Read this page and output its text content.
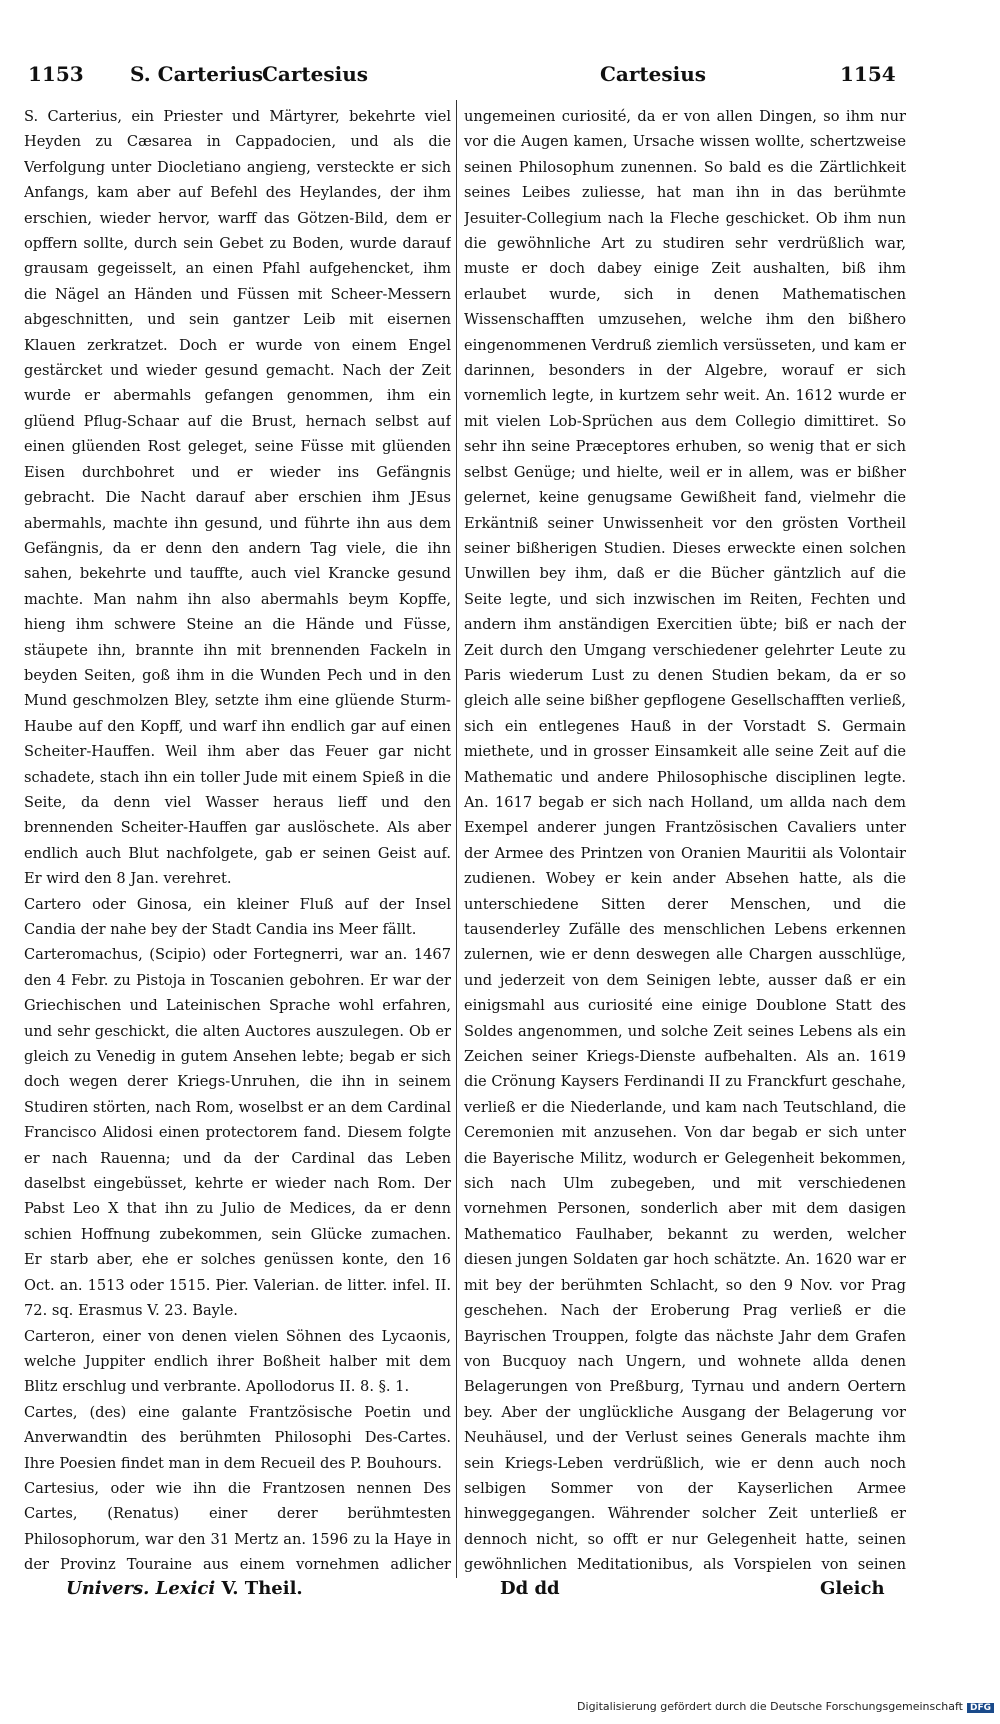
1153 S. Carterius Cartesius	Cartesius	1154

S. Carterius, ein Priester und Märtyrer, bekehrte viel Heyden zu Cæsarea in Cappadocien, und als die Verfolgung unter Diocletiano angieng, versteckte er sich Anfangs, kam aber auf Befehl des Heylandes, der ihm erschien, wieder hervor, warff das Götzen-Bild, dem er opffern sollte, durch sein Gebet zu Boden, wurde darauf grausam gegeisselt, an einen Pfahl aufgehencket, ihm die Nägel an Händen und Füssen mit Scheer-Messern abgeschnitten, und sein gantzer Leib mit eisernen Klauen zerkratzet. Doch er wurde von einem Engel gestärcket und wieder gesund gemacht. Nach der Zeit wurde er abermahls gefangen genommen, ihm ein glüend Pflug-Schaar auf die Brust, hernach selbst auf einen glüenden Rost geleget, seine Füsse mit glüenden Eisen durchbohret und er wieder ins Gefängnis gebracht. Die Nacht darauf aber erschien ihm JEsus abermahls, machte ihn gesund, und führte ihn aus dem Gefängnis, da er denn den andern Tag viele, die ihn sahen, bekehrte und tauffte, auch viel Krancke gesund machte. Man nahm ihn also abermahls beym Kopffe, hieng ihm schwere Steine an die Hände und Füsse, stäupete ihn, brannte ihn mit brennenden Fackeln in beyden Seiten, goß ihm in die Wunden Pech und in den Mund geschmolzen Bley, setzte ihm eine glüende Sturm-Haube auf den Kopff, und warf ihn endlich gar auf einen Scheiter-Hauffen. Weil ihm aber das Feuer gar nicht schadete, stach ihn ein toller Jude mit einem Spieß in die Seite, da denn viel Wasser heraus lieff und den brennenden Scheiter-Hauffen gar auslöschete. Als aber endlich auch Blut nachfolgete, gab er seinen Geist auf. Er wird den 8 Jan. verehret.

Cartero oder Ginosa, ein kleiner Fluß auf der Insel Candia der nahe bey der Stadt Candia ins Meer fällt.

Carteromachus, (Scipio) oder Fortegnerri, war an. 1467 den 4 Febr. zu Pistoja in Toscanien gebohren. Er war der Griechischen und Lateinischen Sprache wohl erfahren, und sehr geschickt, die alten Auctores auszulegen. Ob er gleich zu Venedig in gutem Ansehen lebte; begab er sich doch wegen derer Kriegs-Unruhen, die ihn in seinem Studiren störten, nach Rom, woselbst er an dem Cardinal Francisco Alidosi einen protectorem fand. Diesem folgte er nach Rauenna; und da der Cardinal das Leben daselbst eingebüsset, kehrte er wieder nach Rom. Der Pabst Leo X that ihn zu Julio de Medices, da er denn schien Hoffnung zubekommen, sein Glücke zumachen. Er starb aber, ehe er solches genüssen konte, den 16 Oct. an. 1513 oder 1515. Pier. Valerian. de litter. infel. II. 72. sq. Erasmus V. 23. Bayle.

Carteron, einer von denen vielen Söhnen des Lycaonis, welche Juppiter endlich ihrer Boßheit halber mit dem Blitz erschlug und verbrante. Apollodorus II. 8. §. 1.

Cartes, (des) eine galante Frantzösische Poetin und Anverwandtin des berühmten Philosophi Des-Cartes. Ihre Poesien findet man in dem Recueil des P. Bouhours.

Cartesius, oder wie ihn die Frantzosen nennen Des Cartes, (Renatus) einer derer berühmtesten Philosophorum, war den 31 Mertz an. 1596 zu la Haye in der Provinz Touraine aus einem vornehmen adlicher

ungemeinen curiosité, da er von allen Dingen, so ihm nur vor die Augen kamen, Ursache wissen wollte, schertzweise seinen Philosophum zunennen. So bald es die Zärtlichkeit seines Leibes zuliesse, hat man ihn in das berühmte Jesuiter-Collegium nach la Fleche geschicket. Ob ihm nun die gewöhnliche Art zu studiren sehr verdrüßlich war, muste er doch dabey einige Zeit aushalten, biß ihm erlaubet wurde, sich in denen Mathematischen Wissenschafften umzusehen, welche ihm den bißhero eingenommenen Verdruß ziemlich versüsseten, und kam er darinnen, besonders in der Algebre, worauf er sich vornemlich legte, in kurtzem sehr weit. An. 1612 wurde er mit vielen Lob-Sprüchen aus dem Collegio dimittiret. So sehr ihn seine Præceptores erhuben, so wenig that er sich selbst Genüge; und hielte, weil er in allem, was er bißher gelernet, keine genugsame Gewißheit fand, vielmehr die Erkäntniß seiner Unwissenheit vor den grösten Vortheil seiner bißherigen Studien. Dieses erweckte einen solchen Unwillen bey ihm, daß er die Bücher gäntzlich auf die Seite legte, und sich inzwischen im Reiten, Fechten und andern ihm anständigen Exercitien übte; biß er nach der Zeit durch den Umgang verschiedener gelehrter Leute zu Paris wiederum Lust zu denen Studien bekam, da er so gleich alle seine bißher gepflogene Gesellschafften verließ, sich ein entlegenes Hauß in der Vorstadt S. Germain miethete, und in grosser Einsamkeit alle seine Zeit auf die Mathematic und andere Philosophische disciplinen legte. An. 1617 begab er sich nach Holland, um allda nach dem Exempel anderer jungen Frantzösischen Cavaliers unter der Armee des Printzen von Oranien Mauritii als Volontair zudienen. Wobey er kein ander Absehen hatte, als die unterschiedene Sitten derer Menschen, und die tausenderley Zufälle des menschlichen Lebens erkennen zulernen, wie er denn deswegen alle Chargen ausschlüge, und jederzeit von dem Seinigen lebte, ausser daß er ein einigsmahl aus curiosité eine einige Doublone Statt des Soldes angenommen, und solche Zeit seines Lebens als ein Zeichen seiner Kriegs-Dienste aufbehalten. Als an. 1619 die Crönung Kaysers Ferdinandi II zu Franckfurt geschahe, verließ er die Niederlande, und kam nach Teutschland, die Ceremonien mit anzusehen. Von dar begab er sich unter die Bayerische Militz, wodurch er Gelegenheit bekommen, sich nach Ulm zubegeben, und mit verschiedenen vornehmen Personen, sonderlich aber mit dem dasigen Mathematico Faulhaber, bekannt zu werden, welcher diesen jungen Soldaten gar hoch schätzte. An. 1620 war er mit bey der berühmten Schlacht, so den 9 Nov. vor Prag geschehen. Nach der Eroberung Prag verließ er die Bayrischen Trouppen, folgte das nächste Jahr dem Grafen von Bucquoy nach Ungern, und wohnete allda denen Belagerungen von Preßburg, Tyrnau und andern Oertern bey. Aber der unglückliche Ausgang der Belagerung vor Neuhäusel, und der Verlust seines Generals machte ihm sein Kriegs-Leben verdrüßlich, wie er denn auch noch selbigen Sommer von der Kayserlichen Armee hinweggegangen. Währender solcher Zeit unterließ er dennoch nicht, so offt er nur Gelegenheit hatte, seinen gewöhnlichen Meditationibus, als Vorspielen von seinen

Univers. Lexici V. Theil.	Dd dd	Gleich
Digitalisierung gefördert durch die Deutsche Forschungsgemeinschaft DFG
